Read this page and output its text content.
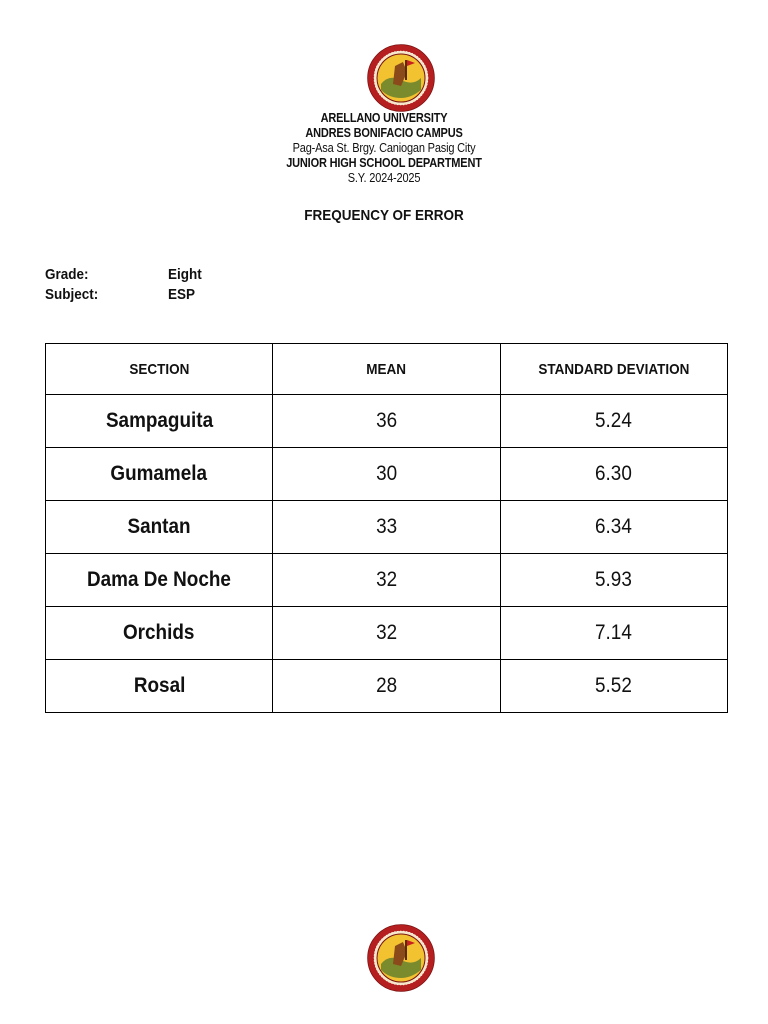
ARELLANO UNIVERSITY
ANDRES BONIFACIO CAMPUS
Pag-Asa St. Brgy. Caniogan Pasig City
JUNIOR HIGH SCHOOL DEPARTMENT
S.Y. 2024-2025
FREQUENCY OF ERROR
Grade:	Eight
Subject:	ESP
SECTION	MEAN	STANDARD DEVIATION
Sampaguita	36	5.24
Gumamela	30	6.30
Santan	33	6.34
Dama De Noche	32	5.93
Orchids	32	7.14
Rosal	28	5.52
